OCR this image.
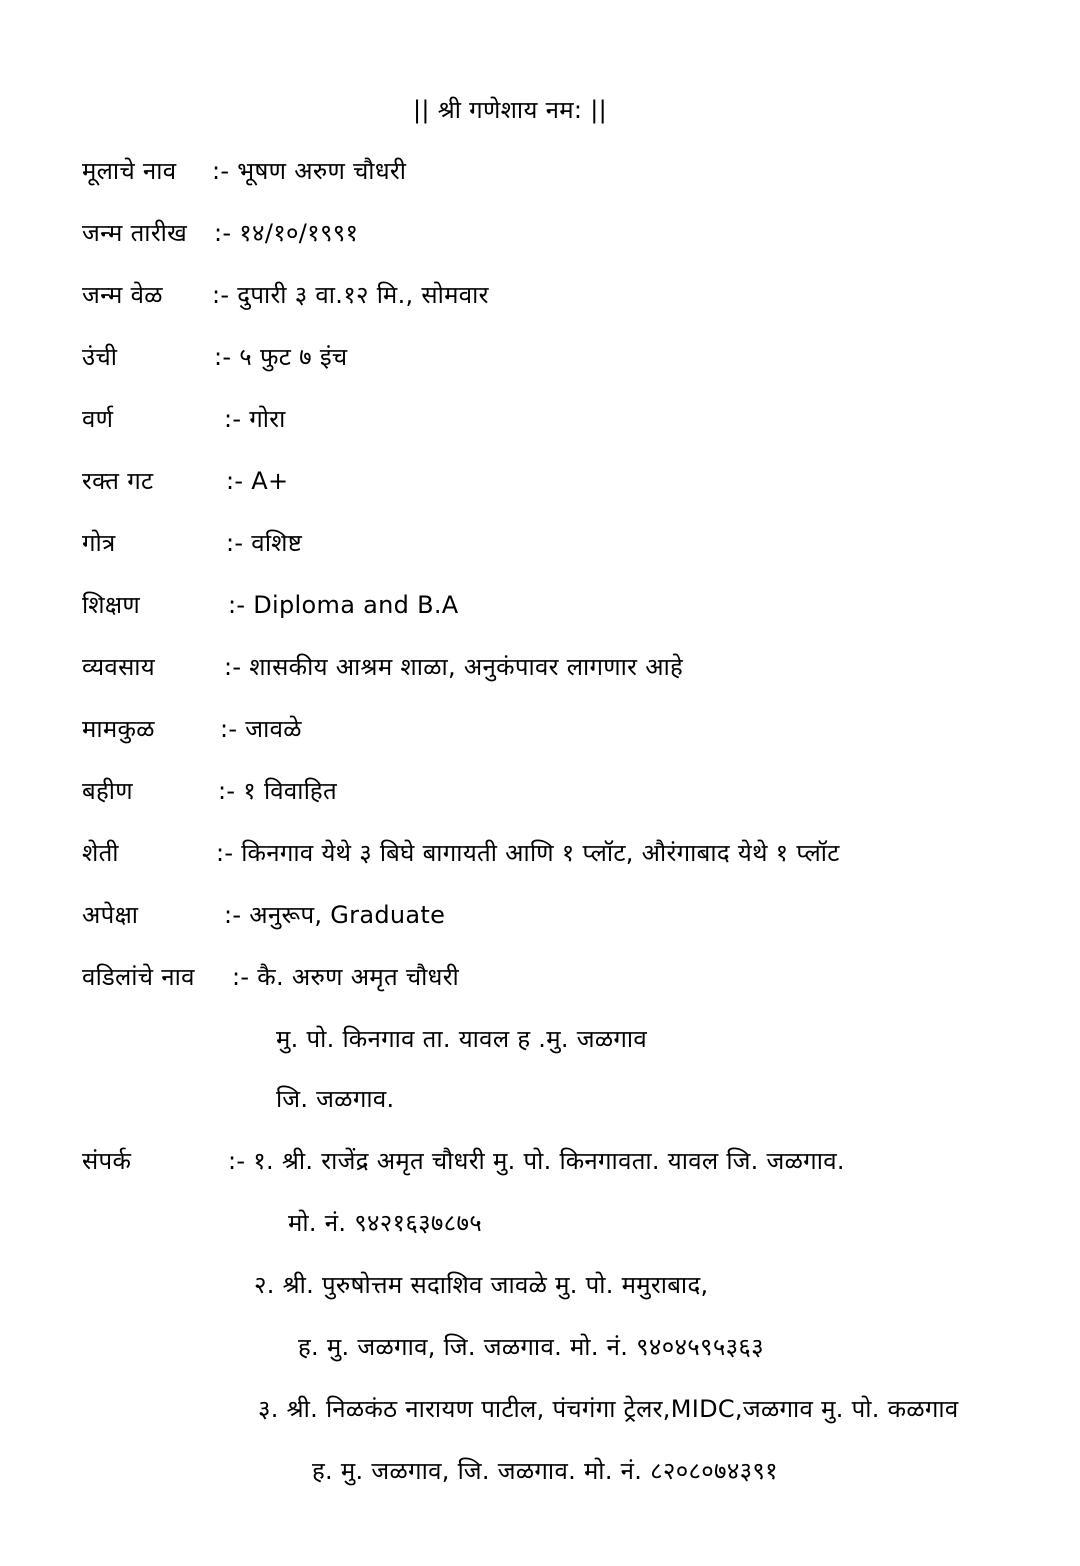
|| श्री गणेशाय नम: ||
मूलाचे नाव :- भूषण अरुण चौधरी
जन्म तारीख :- १४/१०/१९९१
जन्म वेळ :- दुपारी ३ वा.१२ मि., सोमवार
उंची	:- ५ फुट ७ इंच
वर्ण	:- गोरा
रक्त गट	:- A+
गोत्र	:- वशिष्ट
शिक्षण	:- Diploma and B.A
व्यवसाय	:- शासकीय आश्रम शाळा, अनुकंपावर लागणार आहे
मामकुळ	:- जावळे
बहीण	:- १ विवाहित
शेती	:- किनगाव येथे ३ बिघे बागायती आणि १ प्लॉट, औरंगाबाद येथे १ प्लॉट
अपेक्षा	:- अनुरूप, Graduate
वडिलांचे नाव :- कै. अरुण अमृत चौधरी
मु. पो. किनगाव ता. यावल ह .मु. जळगाव
जि. जळगाव.
संपर्क	:- १. श्री. राजेंद्र अमृत चौधरी मु. पो. किनगावता. यावल जि. जळगाव.
मो. नं. ९४२१६३७८७५
२. श्री. पुरुषोत्तम सदाशिव जावळे मु. पो. ममुराबाद,
ह. मु. जळगाव, जि. जळगाव. मो. नं. ९४०४५९५३६३
३. श्री. निळकंठ नारायण पाटील, पंचगंगा ट्रेलर,MIDC,जळगाव मु. पो. कळगाव
ह. मु. जळगाव, जि. जळगाव. मो. नं. ८२०८०७४३९१
